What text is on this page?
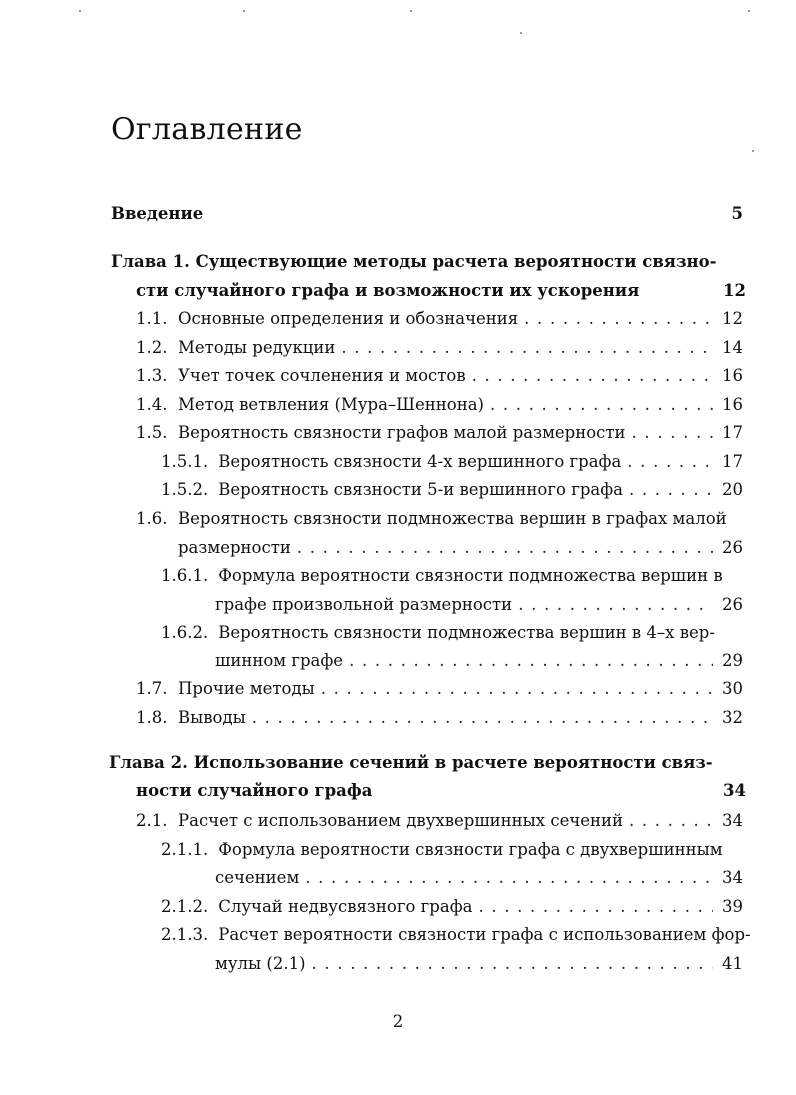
Оглавление
Введение	5
Глава 1. Существующие методы расчета вероятности связно-
сти случайного графа и возможности их ускорения	12
1.1. Основные определения и обозначения . . .	12
1.2. Методы редукции . . .	14
1.3. Учет точек сочленения и мостов . . .	16
1.4. Метод ветвления (Мура–Шеннона) . . .	16
1.5. Вероятность связности графов малой размерности . . .	17
1.5.1. Вероятность связности 4-х вершинного графа . . .	17
1.5.2. Вероятность связности 5-и вершинного графа . . .	20
1.6. Вероятность связности подмножества вершин в графах малой
размерности . . .	26
1.6.1. Формула вероятности связности подмножества вершин в
графе произвольной размерности . . .	26
1.6.2. Вероятность связности подмножества вершин в 4–х вер-
шинном графе . . .	29
1.7. Прочие методы . . .	30
1.8. Выводы . . .	32
Глава 2. Использование сечений в расчете вероятности связ-
ности случайного графа	34
2.1. Расчет с использованием двухвершинных сечений . . .	34
2.1.1. Формула вероятности связности графа с двухвершинным
сечением . . .	34
2.1.2. Случай недвусвязного графа . . .	39
2.1.3. Расчет вероятности связности графа с использованием фор-
мулы (2.1) . . .	41
2
